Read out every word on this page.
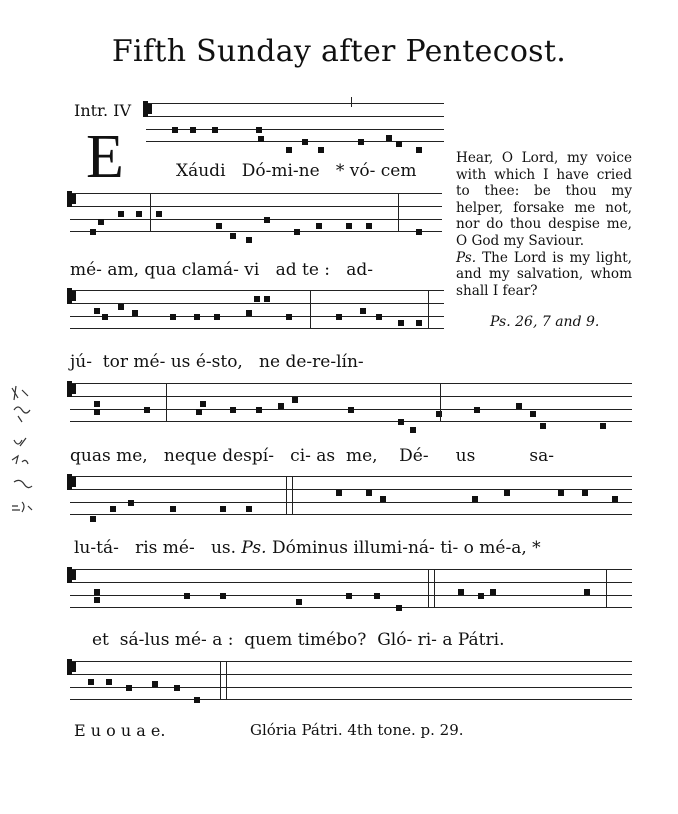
Fifth Sunday after Pentecost.
Intr. IV
E	Xáudi Dó-mi-ne * vó- cem
mé- am, qua clamá- vi ad te : ad-
jú- tor mé- us é-sto, ne de-re-lín-

Hear, O Lord, my voice with which I have cried to thee: be thou my helper, forsake me not, nor do thou despise me, O God my Saviour.

Ps. The Lord is my light, and my salvation, whom shall I fear?

Ps. 26, 7 and 9.
quas me, neque despí- ci- as me, Dé- us	sa-
lu-tá- ris mé- us. Ps. Dóminus illumi-ná- ti- o mé-a, *
et sá-lus mé- a : quem timébo? Gló- ri- a Pátri.
E u o u a e.	Glória Pátri. 4th tone. p. 29.
